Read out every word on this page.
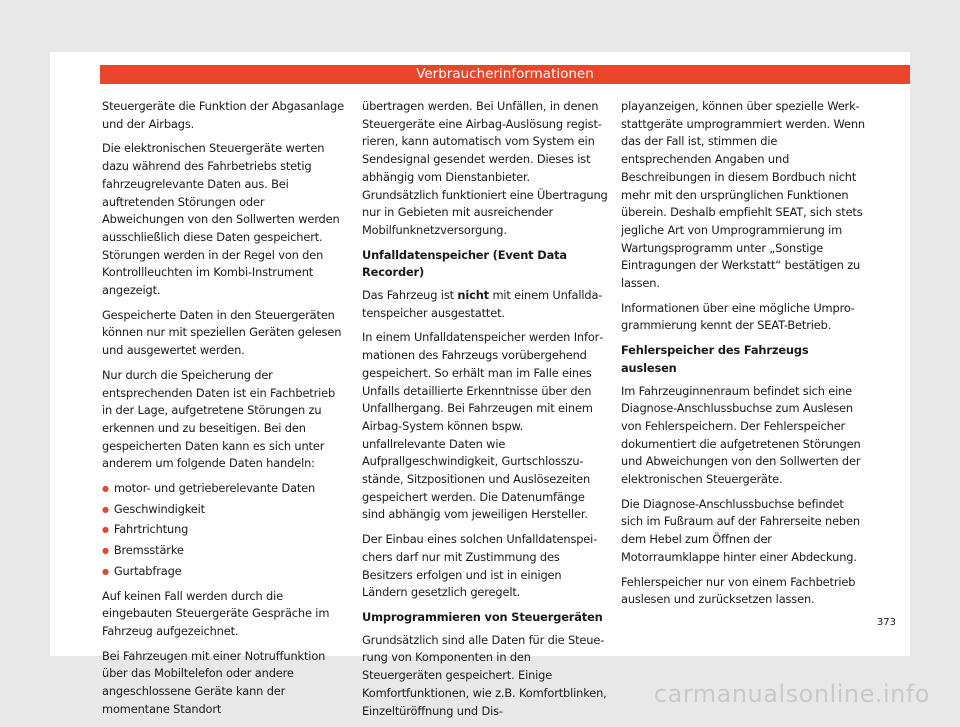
Verbraucherinformationen

Steuergeräte die Funktion der Abgasanlage und der Airbags.

Die elektronischen Steuergeräte werten dazu während des Fahrbetriebs stetig fahrzeugrelevante Daten aus. Bei auftretenden Störungen oder Abweichungen von den Sollwerten werden ausschließlich diese Daten gespeichert. Störungen werden in der Regel von den Kontrollleuchten im Kombi-Instrument angezeigt.

Gespeicherte Daten in den Steuergeräten können nur mit speziellen Geräten gelesen und ausgewertet werden.

Nur durch die Speicherung der entsprechenden Daten ist ein Fachbetrieb in der Lage, aufgetretene Störungen zu erkennen und zu beseitigen. Bei den gespeicherten Daten kann es sich unter anderem um folgende Daten handeln:

● motor- und getrieberelevante Daten
● Geschwindigkeit
● Fahrtrichtung
● Bremsstärke
● Gurtabfrage

Auf keinen Fall werden durch die eingebauten Steuergeräte Gespräche im Fahrzeug aufgezeichnet.

Bei Fahrzeugen mit einer Notruffunktion über das Mobiltelefon oder andere angeschlossene Geräte kann der momentane Standort

übertragen werden. Bei Unfällen, in denen Steuergeräte eine Airbag-Auslösung registrieren, kann automatisch vom System ein Sendesignal gesendet werden. Dieses ist abhängig vom Dienstanbieter. Grundsätzlich funktioniert eine Übertragung nur in Gebieten mit ausreichender Mobilfunknetzversorgung.

Unfalldatenspeicher (Event Data Recorder)

Das Fahrzeug ist nicht mit einem Unfalldatenspeicher ausgestattet.

In einem Unfalldatenspeicher werden Informationen des Fahrzeugs vorübergehend gespeichert. So erhält man im Falle eines Unfalls detaillierte Erkenntnisse über den Unfallhergang. Bei Fahrzeugen mit einem Airbag-System können bspw. unfallrelevante Daten wie Aufprallgeschwindigkeit, Gurtschlosszustände, Sitzpositionen und Auslösezeiten gespeichert werden. Die Datenumfänge sind abhängig vom jeweiligen Hersteller.

Der Einbau eines solchen Unfalldatenspeichers darf nur mit Zustimmung des Besitzers erfolgen und ist in einigen Ländern gesetzlich geregelt.

Umprogrammieren von Steuergeräten

Grundsätzlich sind alle Daten für die Steuerung von Komponenten in den Steuergeräten gespeichert. Einige Komfortfunktionen, wie z.B. Komfortblinken, Einzeltüröffnung und Dis-

playanzeigen, können über spezielle Werkstattgeräte umprogrammiert werden. Wenn das der Fall ist, stimmen die entsprechenden Angaben und Beschreibungen in diesem Bordbuch nicht mehr mit den ursprünglichen Funktionen überein. Deshalb empfiehlt SEAT, sich stets jegliche Art von Umprogrammierung im Wartungsprogramm unter „Sonstige Eintragungen der Werkstatt“ bestätigen zu lassen.

Informationen über eine mögliche Umprogrammierung kennt der SEAT-Betrieb.

Fehlerspeicher des Fahrzeugs auslesen

Im Fahrzeuginnenraum befindet sich eine Diagnose-Anschlussbuchse zum Auslesen von Fehlerspeichern. Der Fehlerspeicher dokumentiert die aufgetretenen Störungen und Abweichungen von den Sollwerten der elektronischen Steuergeräte.

Die Diagnose-Anschlussbuchse befindet sich im Fußraum auf der Fahrerseite neben dem Hebel zum Öffnen der Motorraumklappe hinter einer Abdeckung.

Fehlerspeicher nur von einem Fachbetrieb auslesen und zurücksetzen lassen.

373
carmanualsonline.info
